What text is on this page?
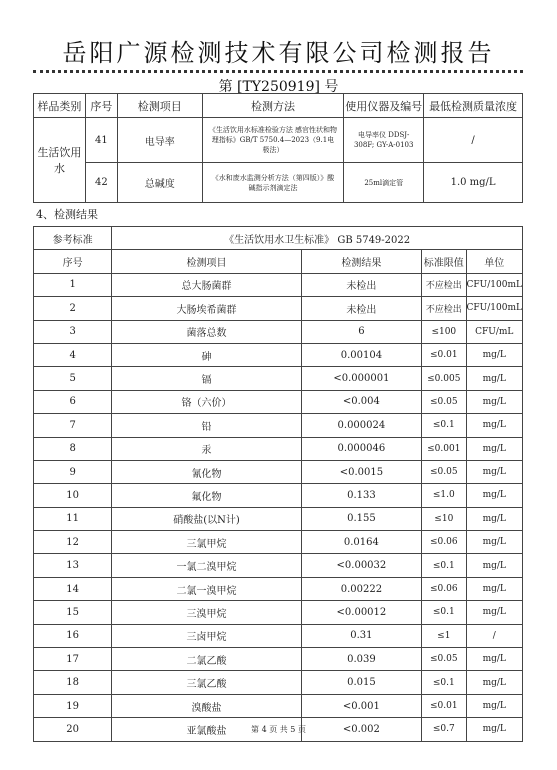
岳阳广源检测技术有限公司检测报告
第 [TY250919] 号
样品类别	序号	检测项目	检测方法	使用仪器及编号	最低检测质量浓度
生活饮用水	41	电导率	《生活饮用水标准检验方法 感官性状和物理指标》GB/T 5750.4—2023（9.1电极法）	电导率仪 DDSJ-308F; GY-A-0103	/
	42	总碱度	《水和废水监测分析方法（第四版）》酸碱指示剂滴定法	25ml滴定管	1.0 mg/L
4、检测结果
参考标准	《生活饮用水卫生标准》 GB 5749-2022			
序号	检测项目	检测结果	标准限值	单位
1	总大肠菌群	未检出	不应检出	CFU/100mL
2	大肠埃希菌群	未检出	不应检出	CFU/100mL
3	菌落总数	6	≤100	CFU/mL
4	砷	0.00104	≤0.01	mg/L
5	镉	<0.000001	≤0.005	mg/L
6	铬（六价）	<0.004	≤0.05	mg/L
7	铅	0.000024	≤0.1	mg/L
8	汞	0.000046	≤0.001	mg/L
9	氰化物	<0.0015	≤0.05	mg/L
10	氟化物	0.133	≤1.0	mg/L
11	硝酸盐(以N计)	0.155	≤10	mg/L
12	三氯甲烷	0.0164	≤0.06	mg/L
13	一氯二溴甲烷	<0.00032	≤0.1	mg/L
14	二氯一溴甲烷	0.00222	≤0.06	mg/L
15	三溴甲烷	<0.00012	≤0.1	mg/L
16	三卤甲烷	0.31	≤1	/
17	二氯乙酸	0.039	≤0.05	mg/L
18	三氯乙酸	0.015	≤0.1	mg/L
19	溴酸盐	<0.001	≤0.01	mg/L
20	亚氯酸盐	<0.002	≤0.7	mg/L
第 4 页 共 5 页
